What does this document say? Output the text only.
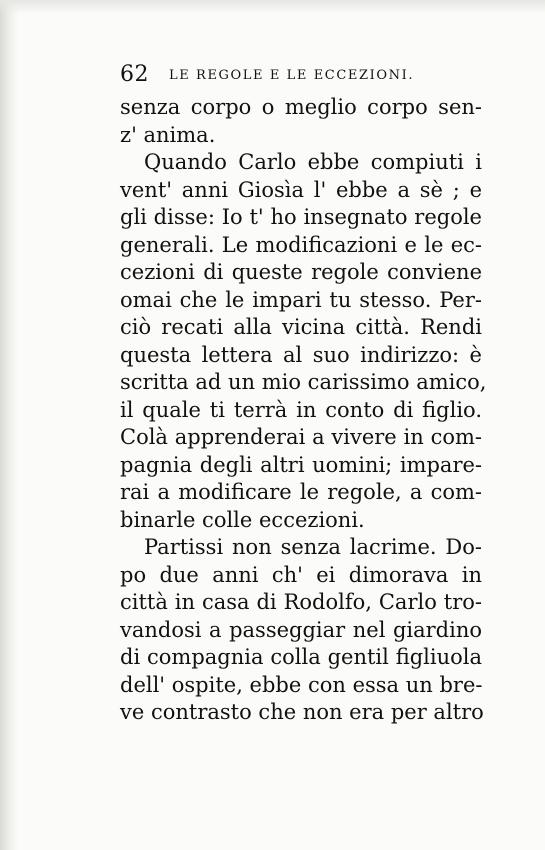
62 LE REGOLE E LE ECCEZIONI.
senza corpo o meglio corpo sen-
z' anima.
Quando Carlo ebbe compiuti i
vent' anni Giosìa l' ebbe a sè ; e
gli disse: Io t' ho insegnato regole
generali. Le modificazioni e le ec-
cezioni di queste regole conviene
omai che le impari tu stesso. Per-
ciò recati alla vicina città. Rendi
questa lettera al suo indirizzo: è
scritta ad un mio carissimo amico,
il quale ti terrà in conto di figlio.
Colà apprenderai a vivere in com-
pagnia degli altri uomini; impare-
rai a modificare le regole, a com-
binarle colle eccezioni.
Partissi non senza lacrime. Do-
po due anni ch' ei dimorava in
città in casa di Rodolfo, Carlo tro-
vandosi a passeggiar nel giardino
di compagnia colla gentil figliuola
dell' ospite, ebbe con essa un bre-
ve contrasto che non era per altro
